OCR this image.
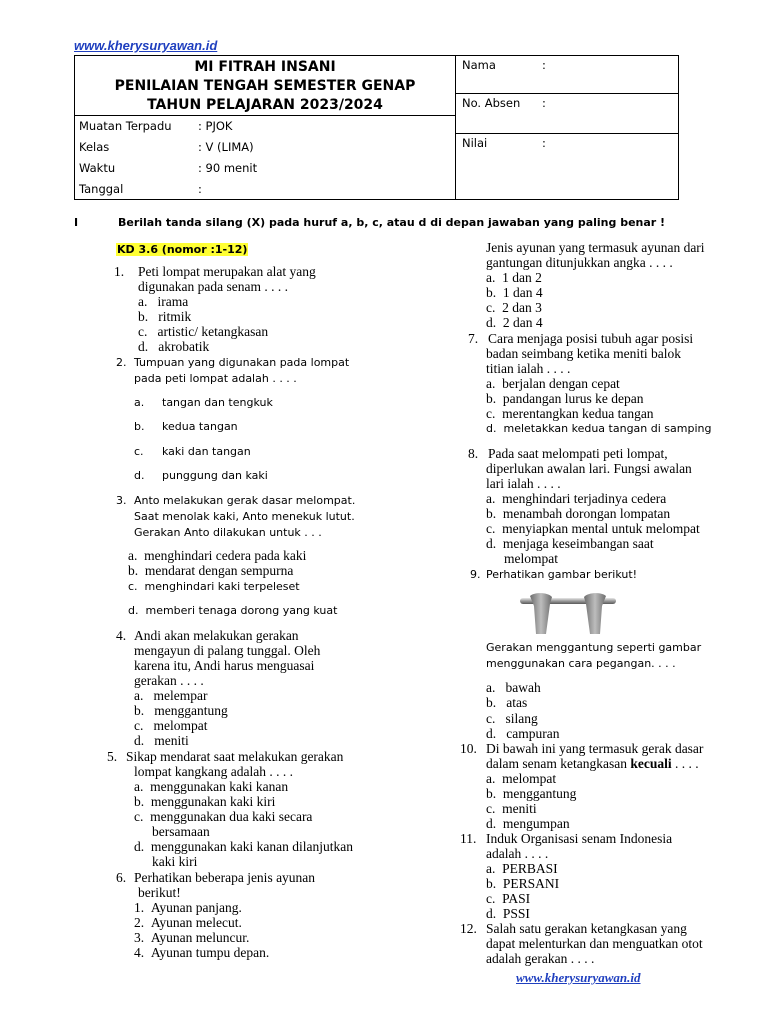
www.kherysuryawan.id
MI FITRAH INSANI
PENILAIAN TENGAH SEMESTER GENAP
TAHUN PELAJARAN 2023/2024
Nama	:
No. Absen :
Nilai	:
Muatan Terpadu : PJOK
Kelas	: V (LIMA)
Waktu	: 90 menit
Tanggal	:
I	Berilah tanda silang (X) pada huruf a, b, c, atau d di depan jawaban yang paling benar !
KD 3.6 (nomor :1-12)
1. Peti lompat merupakan alat yang
digunakan pada senam . . . .
a. irama
b. ritmik
c. artistic/ ketangkasan
d. akrobatik
2. Tumpuan yang digunakan pada lompat
pada peti lompat adalah . . . .
a. tangan dan tengkuk
b. kedua tangan
c. kaki dan tangan
d. punggung dan kaki
3. Anto melakukan gerak dasar melompat.
Saat menolak kaki, Anto menekuk lutut.
Gerakan Anto dilakukan untuk . . .
a. menghindari cedera pada kaki
b. mendarat dengan sempurna
c. menghindari kaki terpeleset
d. memberi tenaga dorong yang kuat
4. Andi akan melakukan gerakan
mengayun di palang tunggal. Oleh
karena itu, Andi harus menguasai
gerakan . . . .
a. melempar
b. menggantung
c. melompat
d. meniti
5. Sikap mendarat saat melakukan gerakan
lompat kangkang adalah . . . .
a. menggunakan kaki kanan
b. menggunakan kaki kiri
c. menggunakan dua kaki secara
bersamaan
d. menggunakan kaki kanan dilanjutkan
kaki kiri
6. Perhatikan beberapa jenis ayunan
berikut!
1. Ayunan panjang.
2. Ayunan melecut.
3. Ayunan meluncur.
4. Ayunan tumpu depan.
Jenis ayunan yang termasuk ayunan dari
gantungan ditunjukkan angka . . . .
a. 1 dan 2
b. 1 dan 4
c. 2 dan 3
d. 2 dan 4
7. Cara menjaga posisi tubuh agar posisi
badan seimbang ketika meniti balok
titian ialah . . . .
a. berjalan dengan cepat
b. pandangan lurus ke depan
c. merentangkan kedua tangan
d. meletakkan kedua tangan di samping
8. Pada saat melompati peti lompat,
diperlukan awalan lari. Fungsi awalan
lari ialah . . . .
a. menghindari terjadinya cedera
b. menambah dorongan lompatan
c. menyiapkan mental untuk melompat
d. menjaga keseimbangan saat
melompat
9. Perhatikan gambar berikut!
Gerakan menggantung seperti gambar
menggunakan cara pegangan. . . .
a. bawah
b. atas
c. silang
d. campuran
10. Di bawah ini yang termasuk gerak dasar
dalam senam ketangkasan kecuali . . . .
a. melompat
b. menggantung
c. meniti
d. mengumpan
11. Induk Organisasi senam Indonesia
adalah . . . .
a. PERBASI
b. PERSANI
c. PASI
d. PSSI
12. Salah satu gerakan ketangkasan yang
dapat melenturkan dan menguatkan otot
adalah gerakan . . . .
www.kherysuryawan.id
